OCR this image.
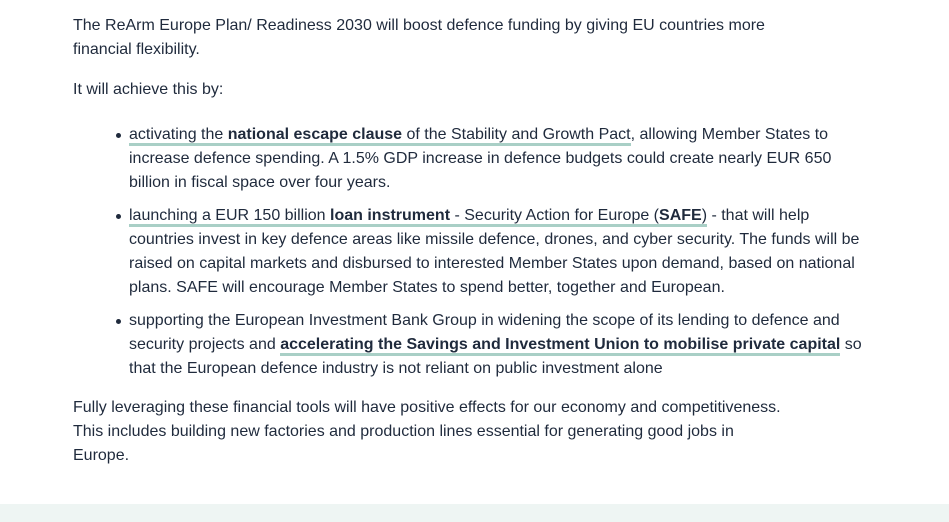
The ReArm Europe Plan/ Readiness 2030 will boost defence funding by giving EU countries more financial flexibility.

It will achieve this by:

activating the national escape clause of the Stability and Growth Pact, allowing Member States to increase defence spending. A 1.5% GDP increase in defence budgets could create nearly EUR 650 billion in fiscal space over four years.
launching a EUR 150 billion loan instrument - Security Action for Europe (SAFE) - that will help countries invest in key defence areas like missile defence, drones, and cyber security. The funds will be raised on capital markets and disbursed to interested Member States upon demand, based on national plans. SAFE will encourage Member States to spend better, together and European.
supporting the European Investment Bank Group in widening the scope of its lending to defence and security projects and accelerating the Savings and Investment Union to mobilise private capital so that the European defence industry is not reliant on public investment alone

Fully leveraging these financial tools will have positive effects for our economy and competitiveness.
This includes building new factories and production lines essential for generating good jobs in Europe.
